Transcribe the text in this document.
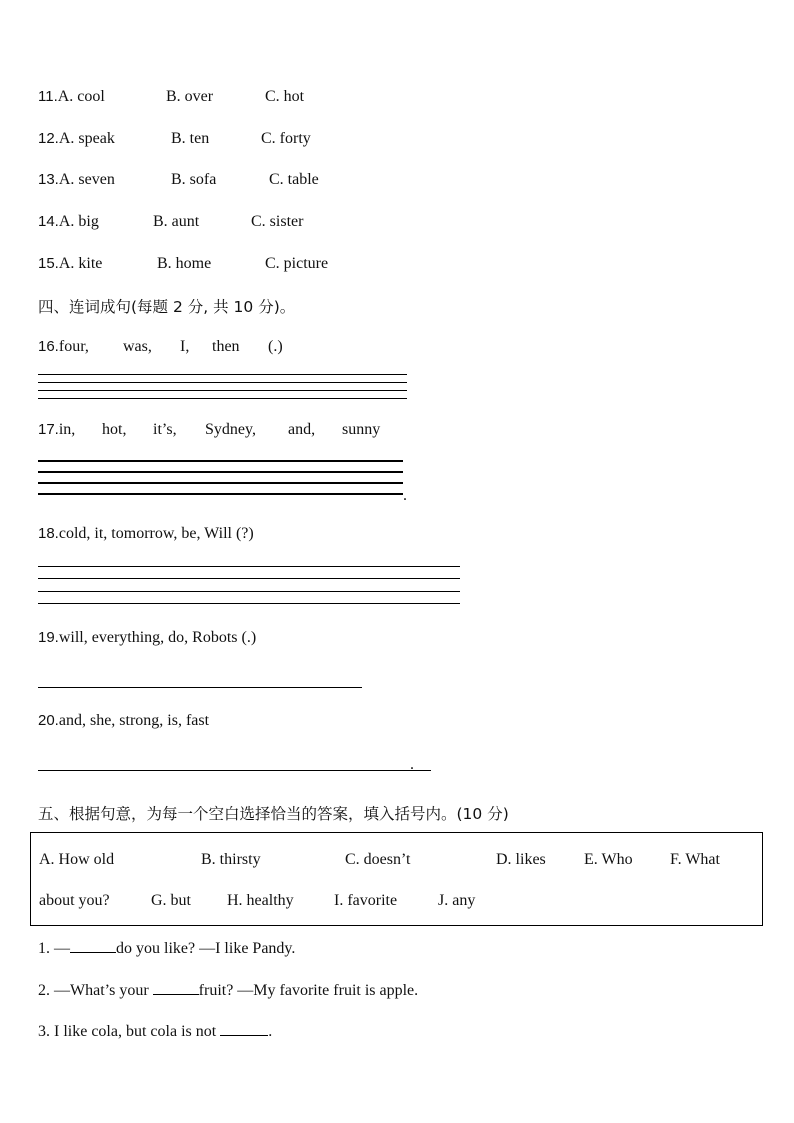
11.A. cool	B. over	C. hot
12.A. speak	B. ten	C. forty
13.A. seven	B. sofa	C. table
14.A. big	B. aunt	C. sister
15.A. kite	B. home	C. picture
四、连词成句(每题 2 分, 共 10 分)。
16.four, was, I, then (.)
17.in, hot, it’s, Sydney, and, sunny
.
18.cold, it, tomorrow, be, Will (?)
19.will, everything, do, Robots (.)
20.and, she, strong, is, fast
.
五、根据句意，为每一个空白选择恰当的答案，填入括号内。(10 分)
A. How old	B. thirsty	C. doesn’t	D. likes E. Who F. What
about you?	G. but H. healthy	I. favorite	J. any
1. —	do you like? —I like Pandy.
2. —What’s your	fruit? —My favorite fruit is apple.
3. I like cola, but cola is not	.
